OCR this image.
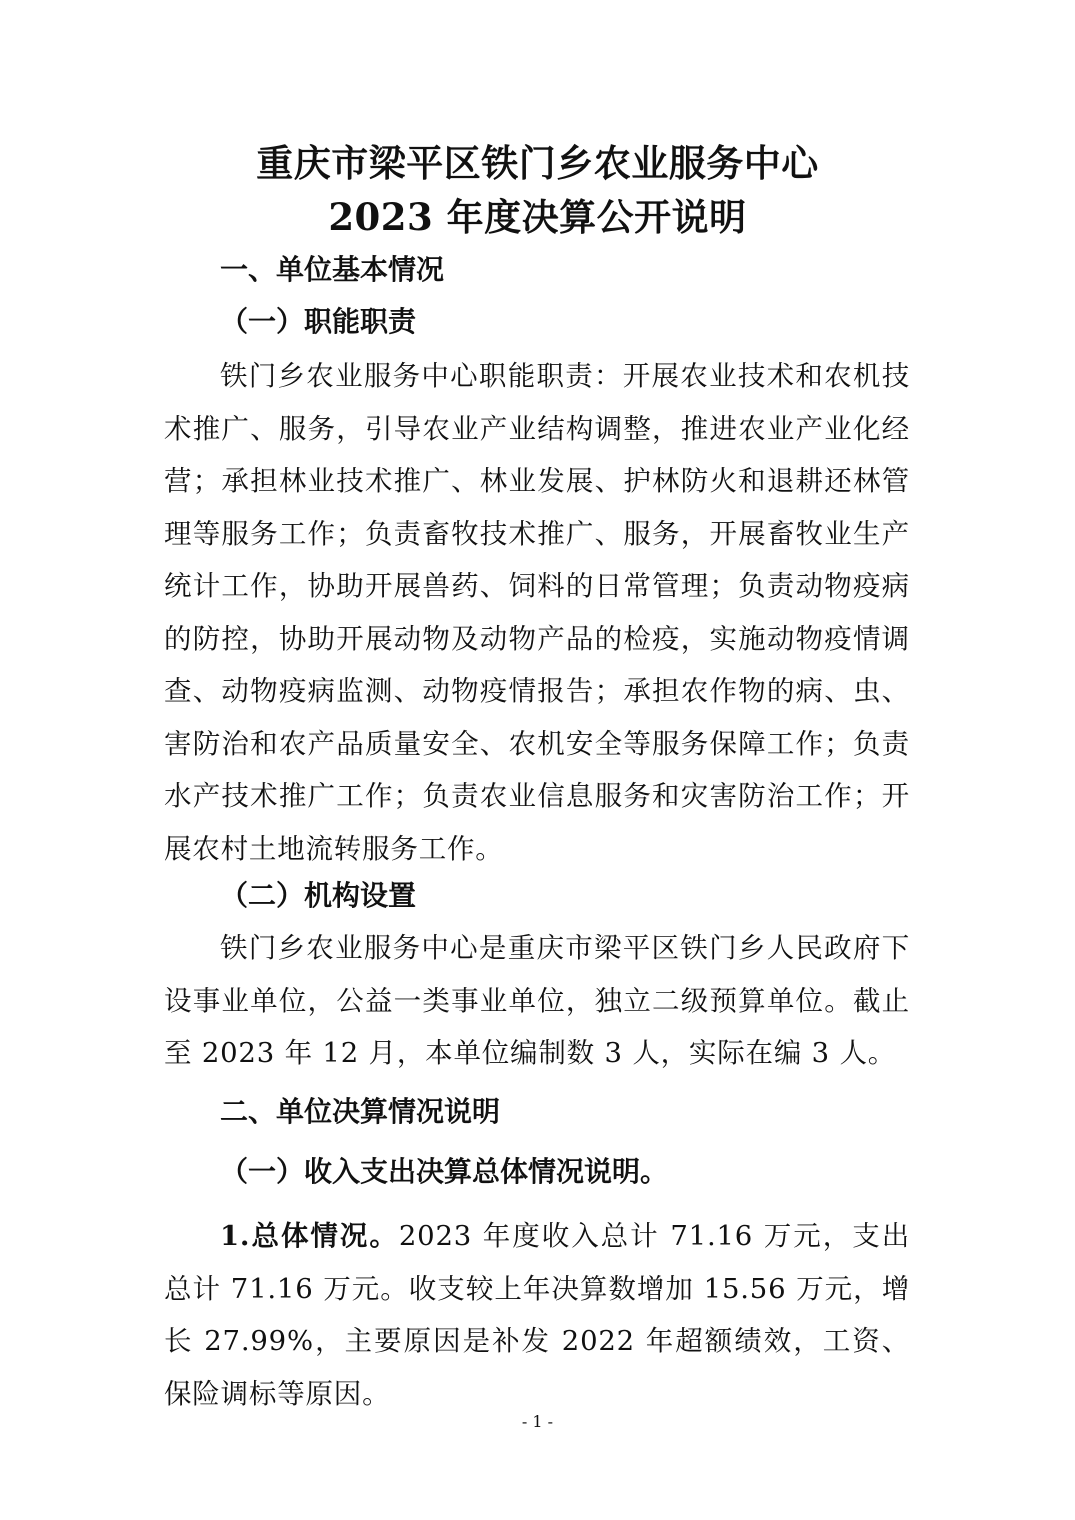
重庆市梁平区铁门乡农业服务中心
2023 年度决算公开说明
一、单位基本情况
（一）职能职责

铁门乡农业服务中心职能职责：开展农业技术和农机技术推广、服务，引导农业产业结构调整，推进农业产业化经营；承担林业技术推广、林业发展、护林防火和退耕还林管理等服务工作；负责畜牧技术推广、服务，开展畜牧业生产统计工作，协助开展兽药、饲料的日常管理；负责动物疫病的防控，协助开展动物及动物产品的检疫，实施动物疫情调查、动物疫病监测、动物疫情报告；承担农作物的病、虫、害防治和农产品质量安全、农机安全等服务保障工作；负责水产技术推广工作；负责农业信息服务和灾害防治工作；开展农村土地流转服务工作。

（二）机构设置

铁门乡农业服务中心是重庆市梁平区铁门乡人民政府下设事业单位，公益一类事业单位，独立二级预算单位。截止至 2023 年 12 月，本单位编制数 3 人，实际在编 3 人。

二、单位决算情况说明
（一）收入支出决算总体情况说明。

1.总体情况。2023 年度收入总计 71.16 万元，支出总计 71.16 万元。收支较上年决算数增加 15.56 万元，增长 27.99%，主要原因是补发 2022 年超额绩效，工资、保险调标等原因。

- 1 -
